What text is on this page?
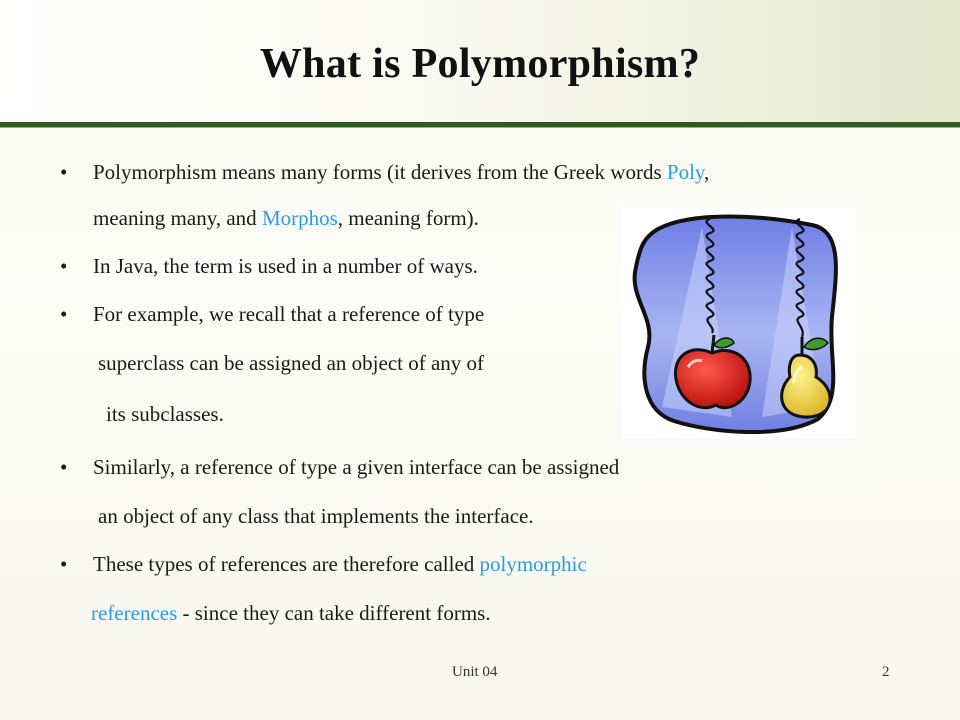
What is Polymorphism?
• Polymorphism means many forms (it derives from the Greek words Poly,
meaning many, and Morphos, meaning form).
• In Java, the term is used in a number of ways.
• For example, we recall that a reference of type
superclass can be assigned an object of any of
its subclasses.
• Similarly, a reference of type a given interface can be assigned
an object of any class that implements the interface.
• These types of references are therefore called polymorphic
references - since they can take different forms.
Unit 04	2
